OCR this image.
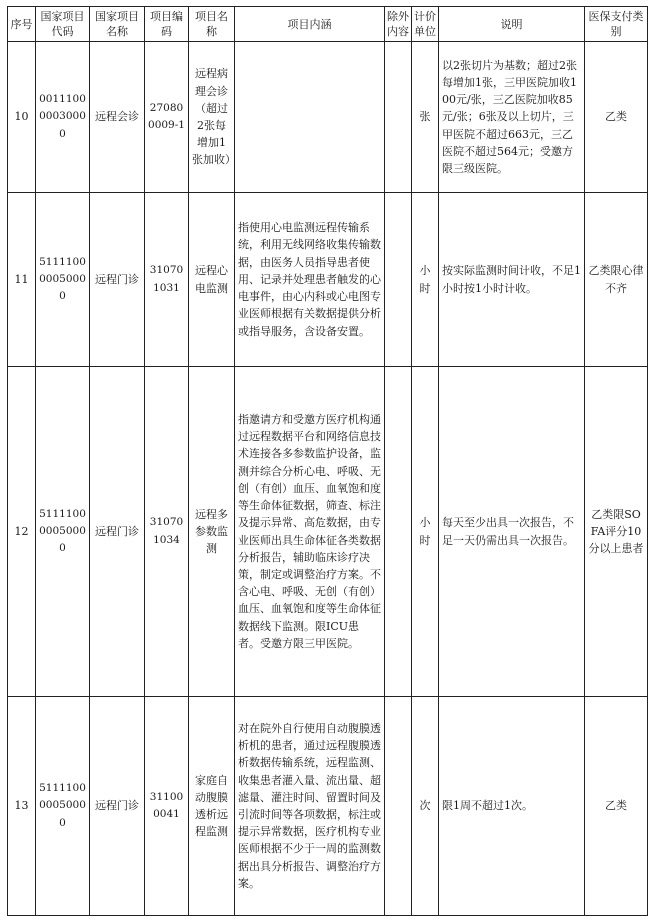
序号	国家项目代码	国家项目名称	项目编码	项目名称	项目内涵	除外内容	计价单位	说明	医保支付类别
10	001110000030000	远程会诊	270800009-1	远程病理会诊（超过2张每增加1张加收）			张	以2张切片为基数；超过2张每增加1张，三甲医院加收100元/张，三乙医院加收85元/张；6张及以上切片，三甲医院不超过663元，三乙医院不超过564元；受邀方限三级医院。	乙类
11	511110000050000	远程门诊	310701031	远程心电监测	指使用心电监测远程传输系统，利用无线网络收集传输数据，由医务人员指导患者使用、记录并处理患者触发的心电事件，由心内科或心电图专业医师根据有关数据提供分析或指导服务，含设备安置。		小时	按实际监测时间计收，不足1小时按1小时计收。	乙类限心律不齐
12	511110000050000	远程门诊	310701034	远程多参数监测	指邀请方和受邀方医疗机构通过远程数据平台和网络信息技术连接各多参数监护设备，监测并综合分析心电、呼吸、无创（有创）血压、血氧饱和度等生命体征数据，筛查、标注及提示异常、高危数据，由专业医师出具生命体征各类数据分析报告，辅助临床诊疗决策，制定或调整治疗方案。不含心电、呼吸、无创（有创）血压、血氧饱和度等生命体征数据线下监测。限ICU患者。受邀方限三甲医院。		小时	每天至少出具一次报告，不足一天仍需出具一次报告。	乙类限SOFA评分10分以上患者
13	511110000050000	远程门诊	311000041	家庭自动腹膜透析远程监测	对在院外自行使用自动腹膜透析机的患者，通过远程腹膜透析数据传输系统，远程监测、收集患者灌入量、流出量、超滤量、灌注时间、留置时间及引流时间等各项数据，标注或提示异常数据，医疗机构专业医师根据不少于一周的监测数据出具分析报告、调整治疗方案。		次	限1周不超过1次。	乙类
